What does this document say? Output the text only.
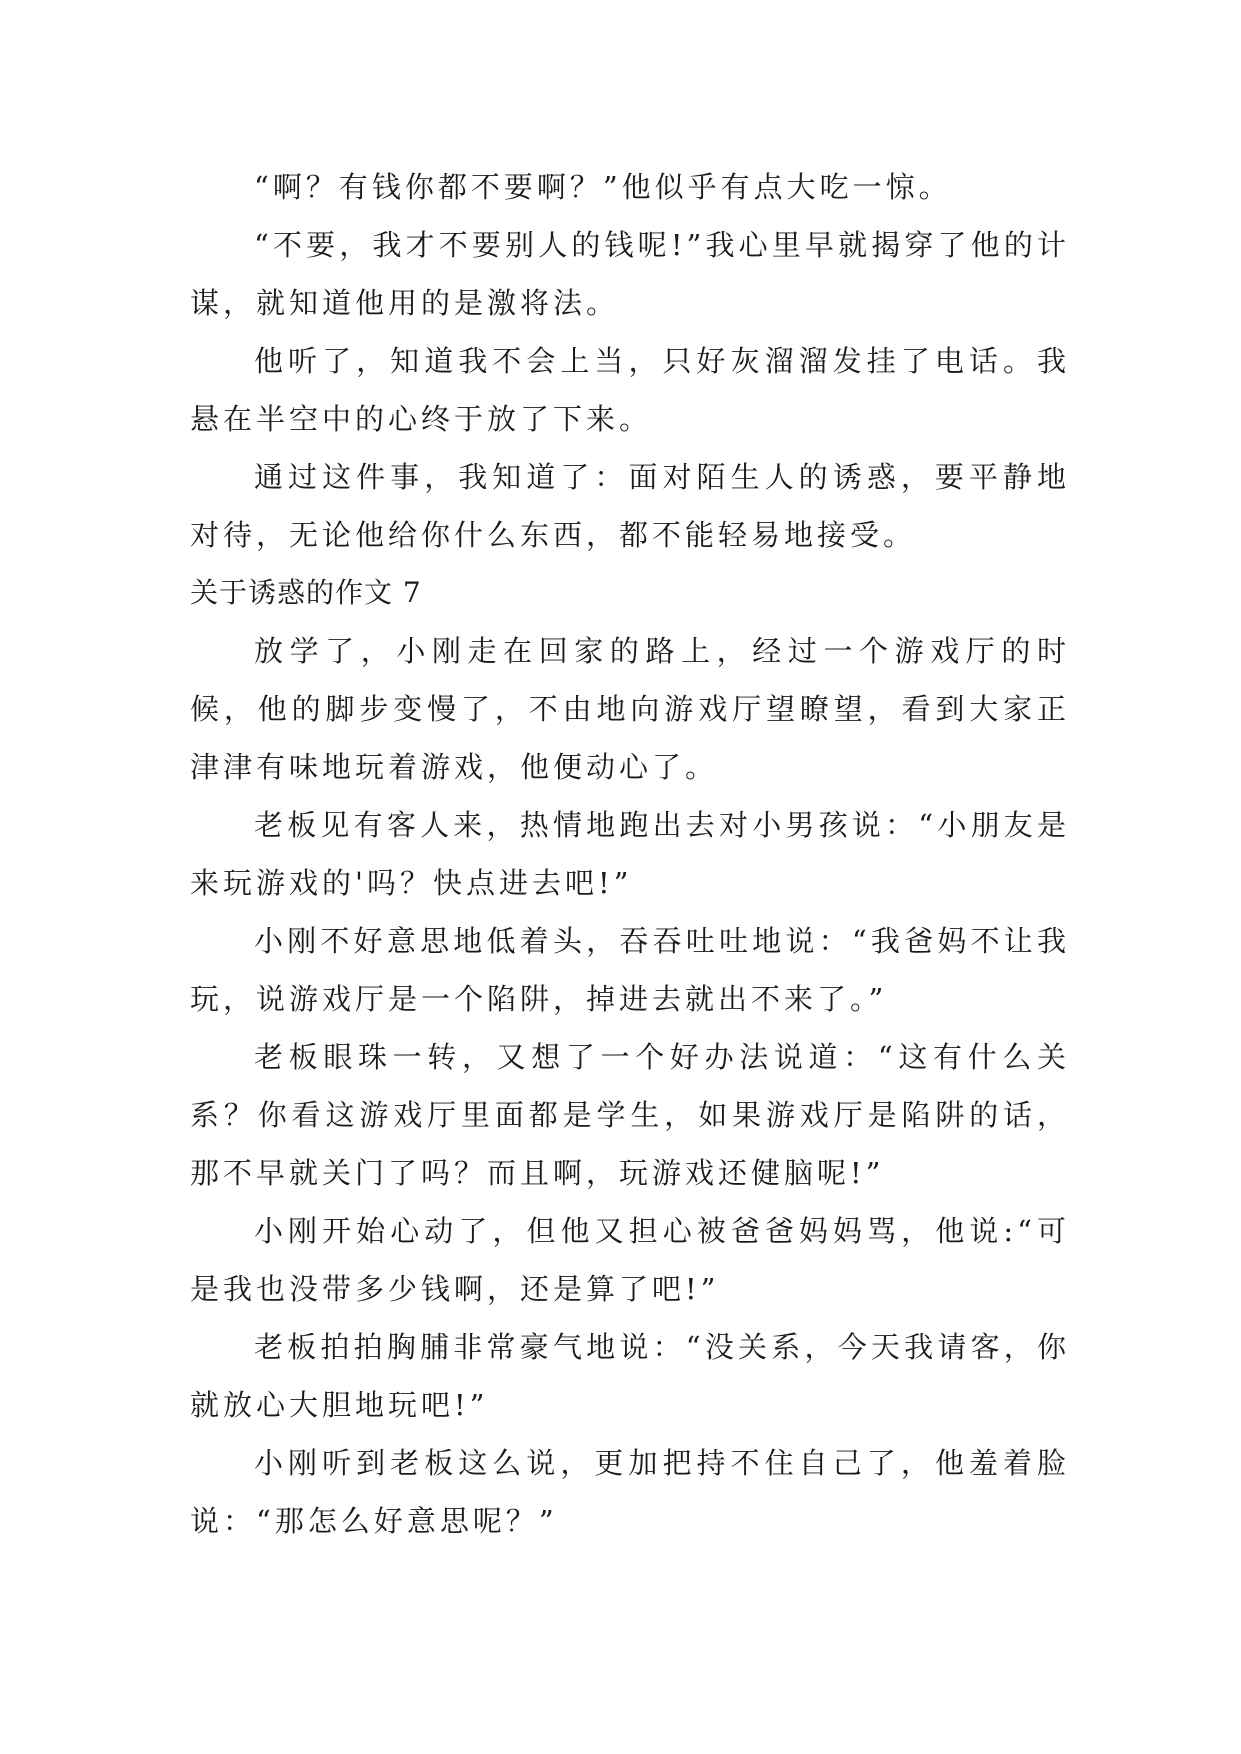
“啊？有钱你都不要啊？”他似乎有点大吃一惊。

“不要，我才不要别人的钱呢!”我心里早就揭穿了他的计谋，就知道他用的是激将法。

他听了，知道我不会上当，只好灰溜溜发挂了电话。我悬在半空中的心终于放了下来。

通过这件事，我知道了：面对陌生人的诱惑，要平静地对待，无论他给你什么东西，都不能轻易地接受。

关于诱惑的作文 7

放学了，小刚走在回家的路上，经过一个游戏厅的时候，他的脚步变慢了，不由地向游戏厅望瞭望，看到大家正津津有味地玩着游戏，他便动心了。

老板见有客人来，热情地跑出去对小男孩说：“小朋友是来玩游戏的'吗？快点进去吧!”

小刚不好意思地低着头，吞吞吐吐地说：“我爸妈不让我玩，说游戏厅是一个陷阱，掉进去就出不来了。”

老板眼珠一转，又想了一个好办法说道：“这有什么关系？你看这游戏厅里面都是学生，如果游戏厅是陷阱的话，那不早就关门了吗？而且啊，玩游戏还健脑呢!”

小刚开始心动了，但他又担心被爸爸妈妈骂，他说:“可是我也没带多少钱啊，还是算了吧!”

老板拍拍胸脯非常豪气地说：“没关系，今天我请客，你就放心大胆地玩吧!”

小刚听到老板这么说，更加把持不住自己了，他羞着脸说：“那怎么好意思呢？”
